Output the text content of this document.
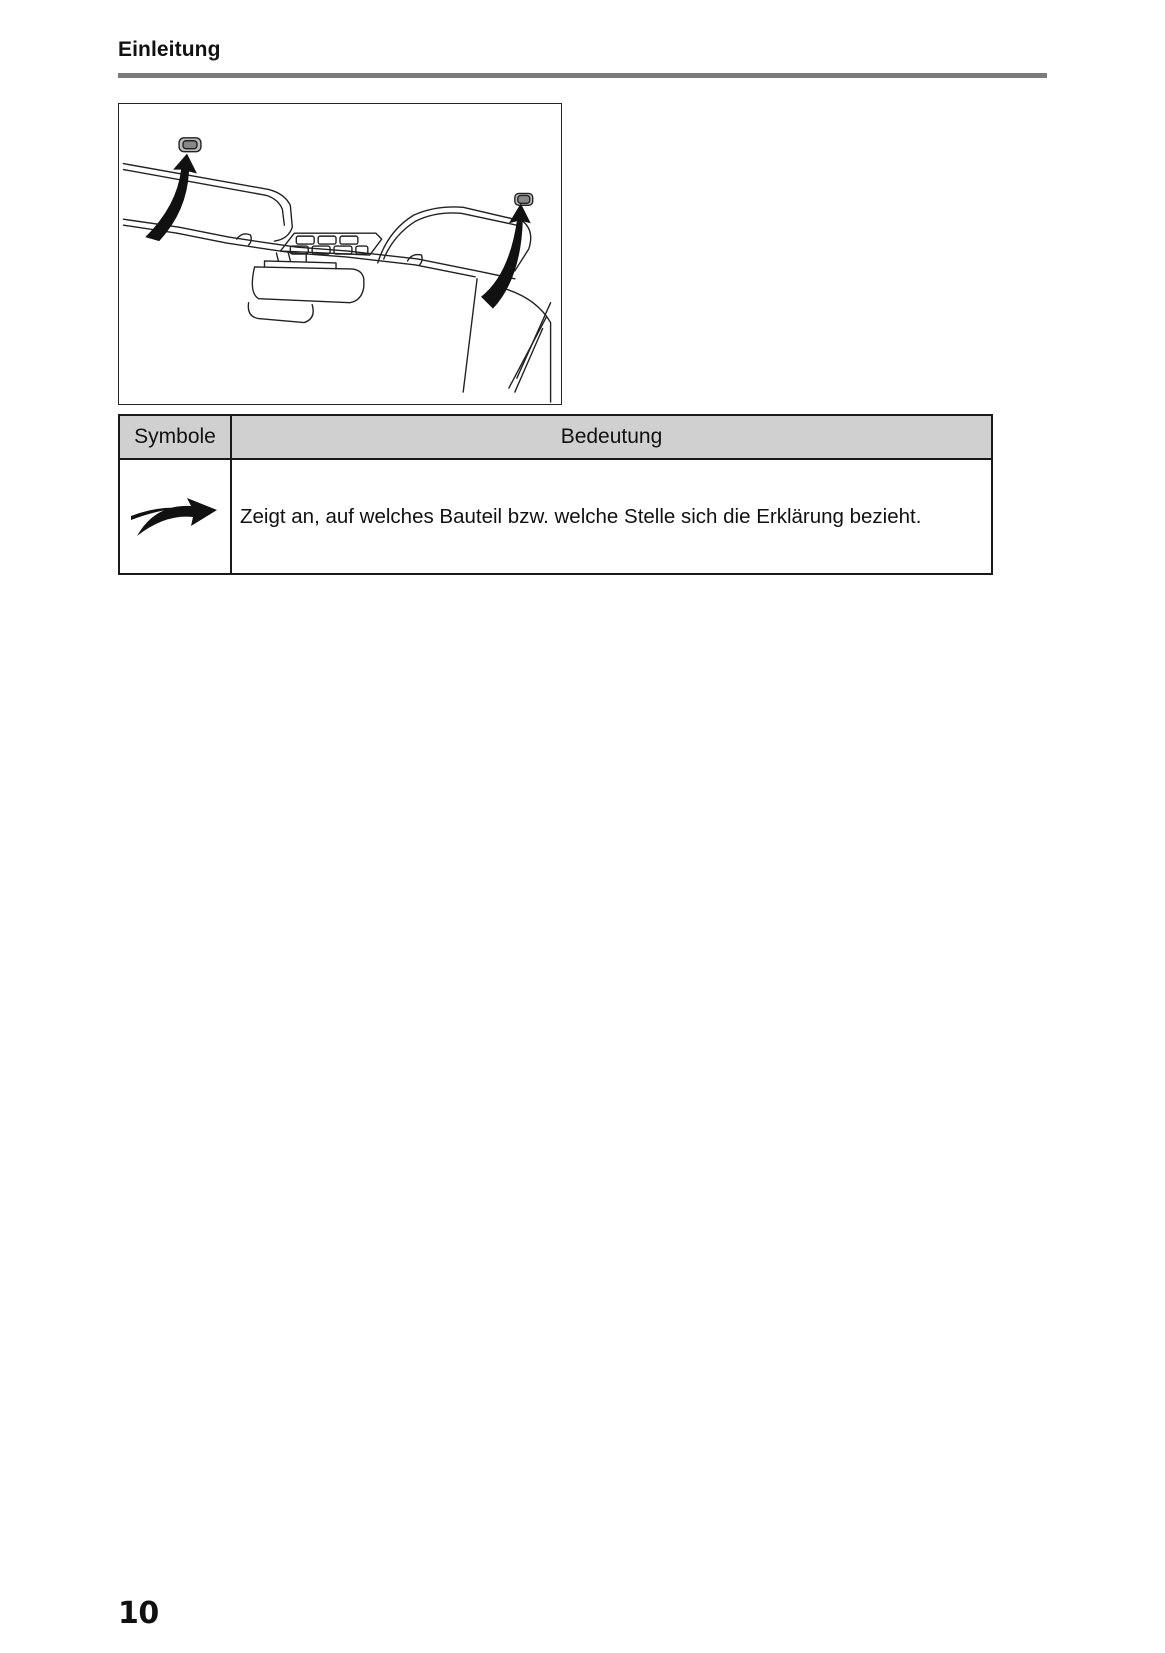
Einleitung
Symbole	Bedeutung
	Zeigt an, auf welches Bauteil bzw. welche Stelle sich die Erklärung bezieht.
10
